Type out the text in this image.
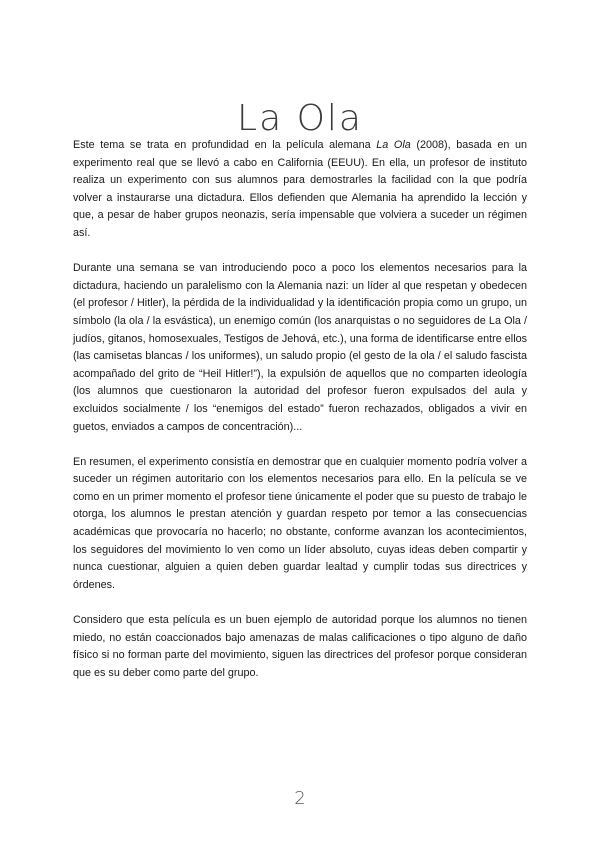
La Ola

Este tema se trata en profundidad en la película alemana La Ola (2008), basada en un experimento real que se llevó a cabo en California (EEUU). En ella, un profesor de instituto realiza un experimento con sus alumnos para demostrarles la facilidad con la que podría volver a instaurarse una dictadura. Ellos defienden que Alemania ha aprendido la lección y que, a pesar de haber grupos neonazis, sería impensable que volviera a suceder un régimen así.

Durante una semana se van introduciendo poco a poco los elementos necesarios para la dictadura, haciendo un paralelismo con la Alemania nazi: un líder al que respetan y obedecen (el profesor / Hitler), la pérdida de la individualidad y la identificación propia como un grupo, un símbolo (la ola / la esvástica), un enemigo común (los anarquistas o no seguidores de La Ola / judíos, gitanos, homosexuales, Testigos de Jehová, etc.), una forma de identificarse entre ellos (las camisetas blancas / los uniformes), un saludo propio (el gesto de la ola / el saludo fascista acompañado del grito de “Heil Hitler!”), la expulsión de aquellos que no comparten ideología (los alumnos que cuestionaron la autoridad del profesor fueron expulsados del aula y excluidos socialmente / los “enemigos del estado” fueron rechazados, obligados a vivir en guetos, enviados a campos de concentración)...

En resumen, el experimento consistía en demostrar que en cualquier momento podría volver a suceder un régimen autoritario con los elementos necesarios para ello. En la película se ve como en un primer momento el profesor tiene únicamente el poder que su puesto de trabajo le otorga, los alumnos le prestan atención y guardan respeto por temor a las consecuencias académicas que provocaría no hacerlo; no obstante, conforme avanzan los acontecimientos, los seguidores del movimiento lo ven como un líder absoluto, cuyas ideas deben compartir y nunca cuestionar, alguien a quien deben guardar lealtad y cumplir todas sus directrices y órdenes.

Considero que esta película es un buen ejemplo de autoridad porque los alumnos no tienen miedo, no están coaccionados bajo amenazas de malas calificaciones o tipo alguno de daño físico si no forman parte del movimiento, siguen las directrices del profesor porque consideran que es su deber como parte del grupo.

2
